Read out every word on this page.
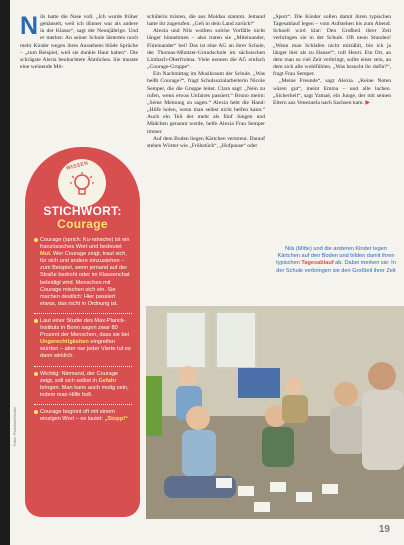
N ils hatte die Nase voll. „Ich wurde früher gehänselt, weil ich dünner war als andere in der Klasse“, sagt der Neunjährige. Und er merkte: An seiner Schule lästerten noch mehr Kinder wegen ihres Aussehens blöde Sprüche – „zum Beispiel, weil sie dunkle Haut haben“. Die schrägste Aleria beobachtete Ähnliches. Sie musste eine weinende Mit-

schülerin trösten, die aus Moldau stammt. Jemand hatte ihr zugerufen: „Geh in dein Land zurück!“

Alexia und Nils wollten solche Vorfälle nicht länger hinnehmen – also traten sie „Miteinander, Füreinander“ bei! Das ist eine AG an ihrer Schule, der Thomas-Müntzer-Grundschule im sächsischen Limbach-Oberfrohna. Viele nennen die AG einfach „Courage-Gruppe“.

Ein Nachmittag im Musikraum der Schule. „Was heißt Courage?“, fragt Schulsozialarbeiterin Nicole Semper, die die Gruppe leitet. Clara sagt: „Nein zu rufen, wenn etwas Unfaires passiert.“ Bruno meint: „Seine Meinung zu sagen.“ Alexia hebt die Hand: „Hilfe holen, wenn man selbst nicht helfen kann.“ Auch ein Teil der mehr als fünf Jungen und Mädchen genannt werde, helfe Alexia Frau Semper immer.

Auf dem Boden liegen Kärtchen verstreut. Darauf stehen Wörter wie „Frühstück“, „Hofpause“ oder

„Sport“. Die Kinder sollen damit ihren typischen Tagesablauf legen – vom Aufstehen bis zum Abend. Schnell wird klar: Den Großteil ihrer Zeit verbringen sie in der Schule. Oft neun Stunden! „Wenn man Schlafen nicht mitzählt, bin ich ja länger hier als zu Hause!“, ruft Henri. Ein Ort, an dem man so viel Zeit verbringt, sollte einer sein, an dem sich alle wohlfühlen. „Was braucht ihr dafür?“, fragt Frau Semper.

„Meine Freunde“, sagt Alexia. „Keine Noten wären gut“, meint Emma – und alle lachen. „Sicherheit“, sagt Yamaé, ein Junge, der mit seinen Eltern aus Venezuela nach Sachsen kam. ▶

WISSEN
STICHWORT:
Courage
Courage (sprich: Ku-rahsche) ist ein französisches Wort und bedeutet Mut. Wer Courage zeigt, traut sich, für sich und andere einzustehen – zum Beispiel, wenn jemand auf der Straße bedroht oder im Klassenchat beleidigt wird. Menschen mit Courage mischen sich ein. Sie machen deutlich: Hier passiert etwas, das nicht in Ordnung ist.
Laut einer Studie des Max-Planck-Instituts in Bonn sagen zwar 80 Prozent der Menschen, dass sie bei Ungerechtigkeiten eingreifen würden – aber nur jeder Vierte tut es dann wirklich.
Wichtig: Niemand, der Courage zeigt, soll sich selbst in Gefahr bringen. Man kann auch mutig sein, indem man Hilfe holt.
Courage beginnt oft mit einem einzigen Wort – es lautet: „Stopp!“
Fotos: Photothek/Schüler
Nils (Mitte) und die anderen Kinder legen Kärtchen auf den Boden und bilden damit ihren typischen Tagesablauf ab. Dabei merken sie: In der Schule verbringen sie den Großteil ihrer Zeit
19
